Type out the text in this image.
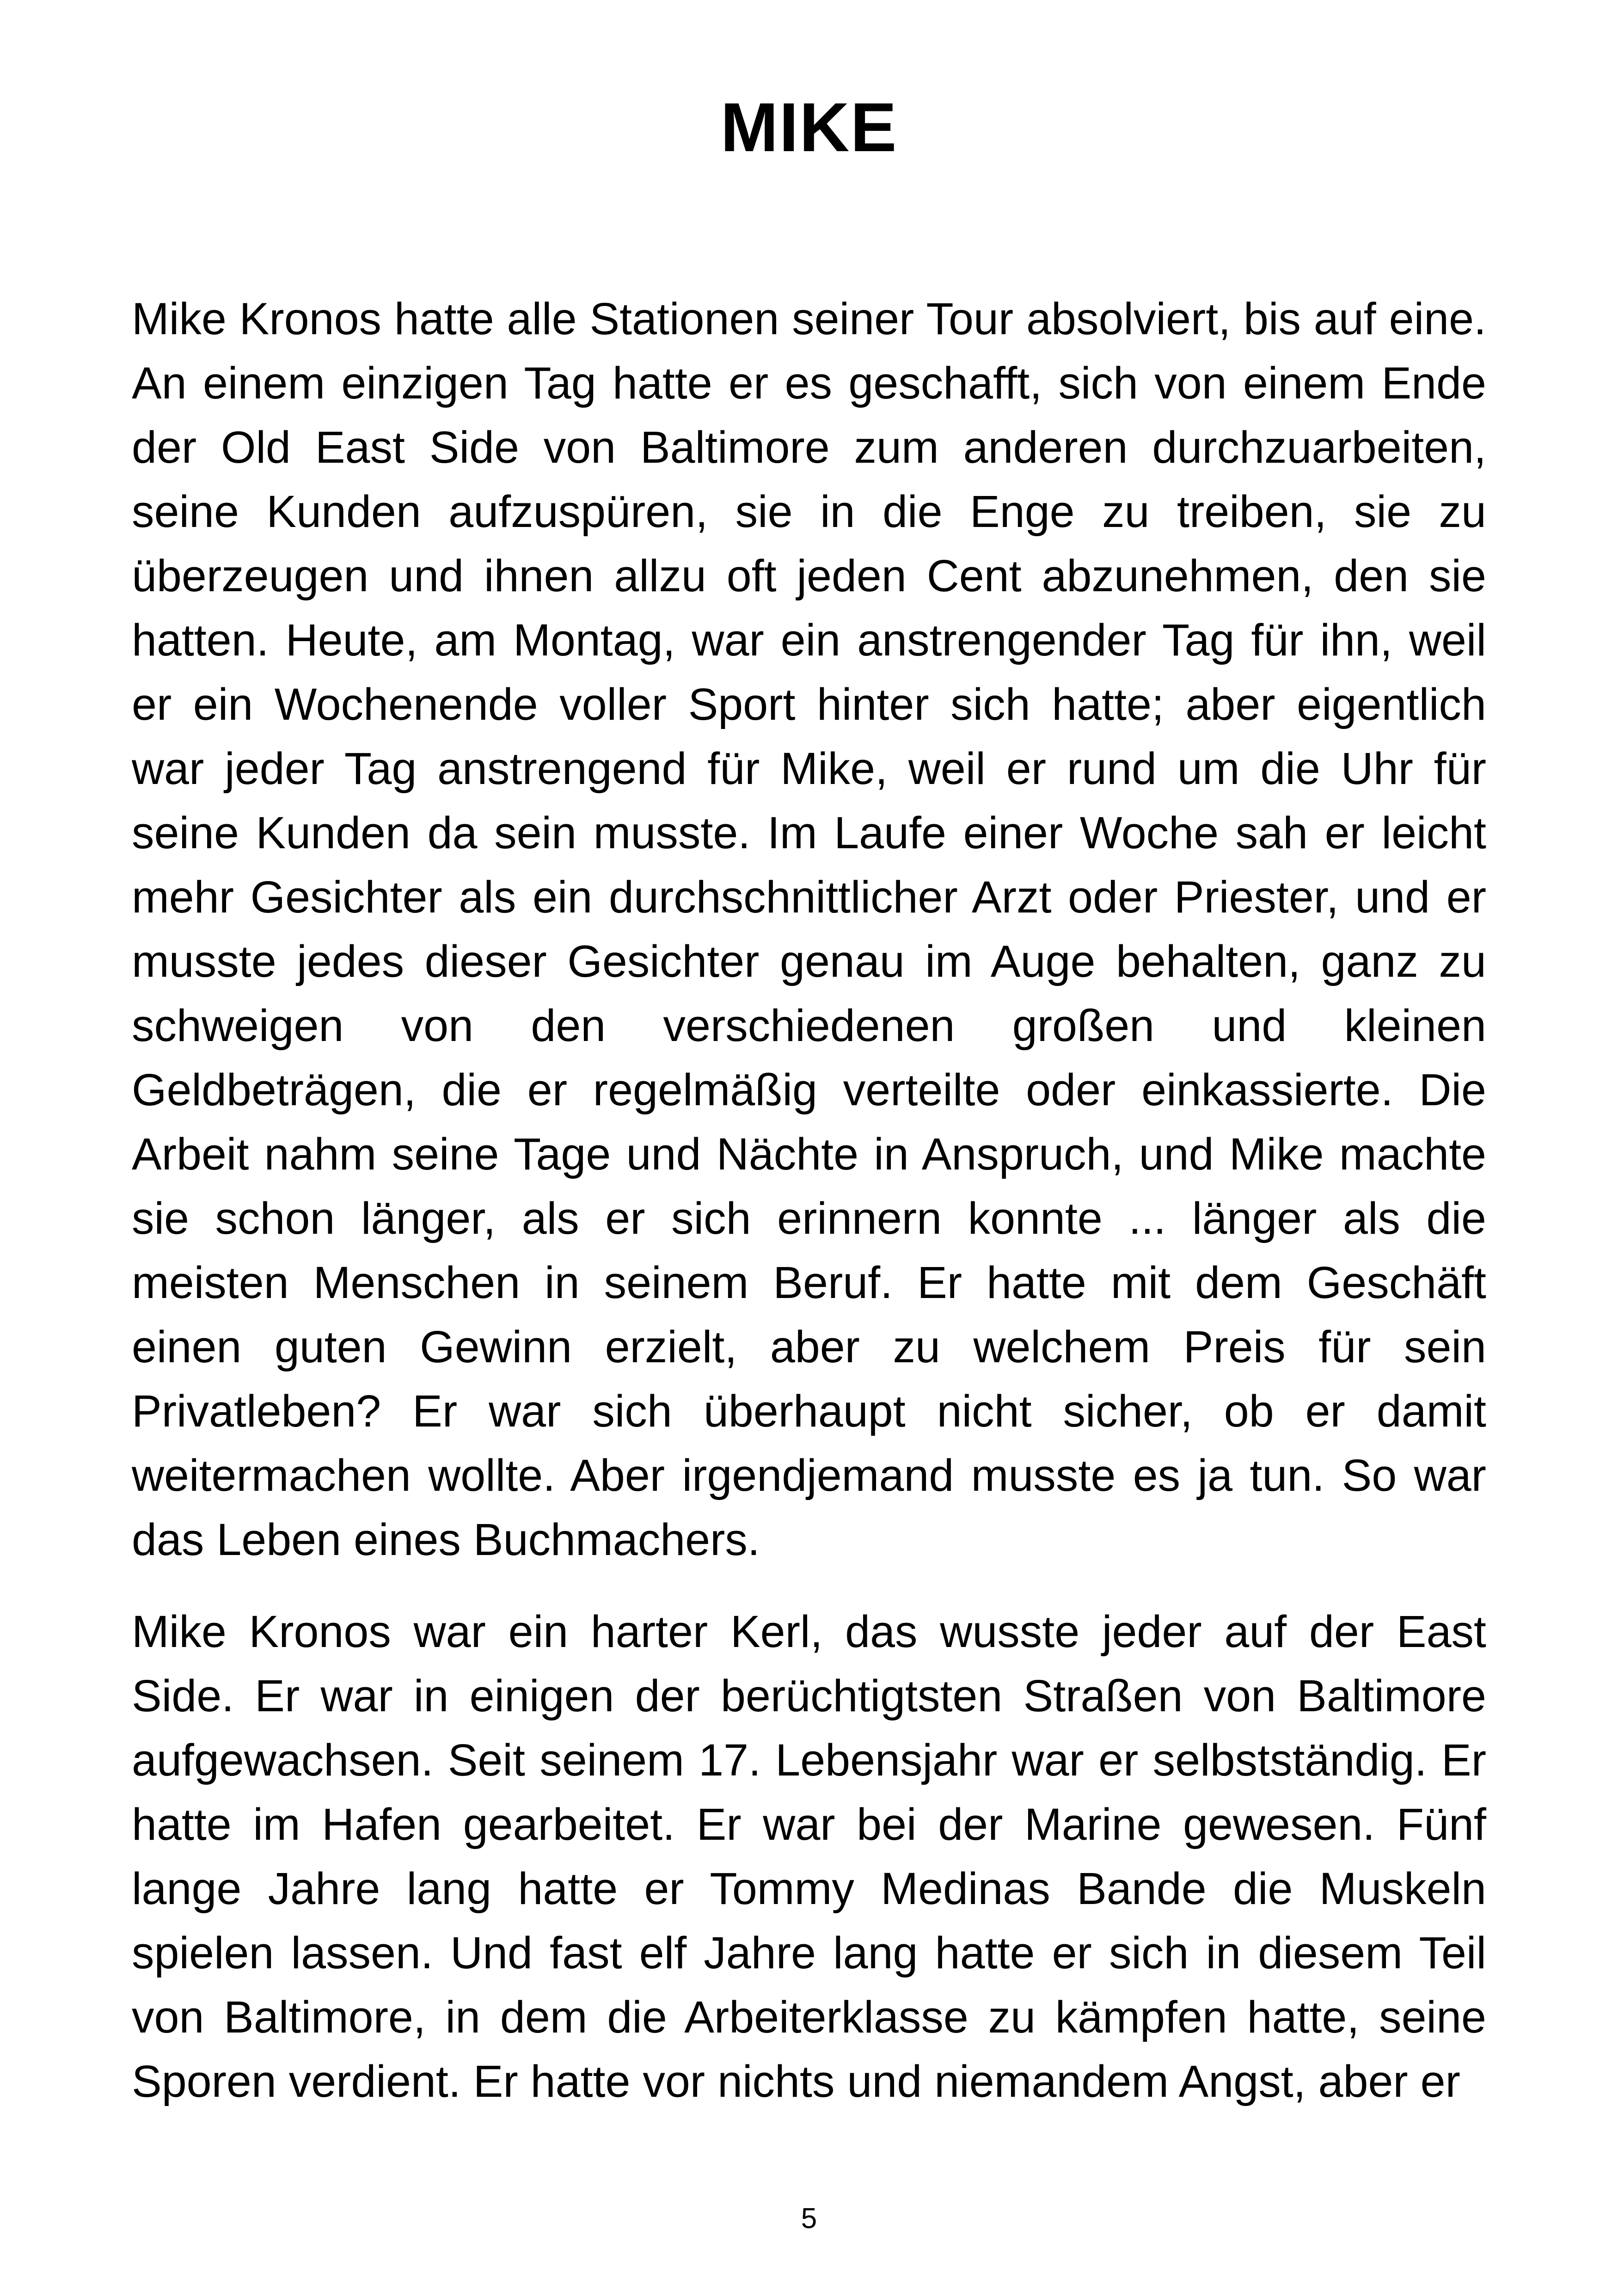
MIKE

Mike Kronos hatte alle Stationen seiner Tour absolviert, bis auf eine. An einem einzigen Tag hatte er es geschafft, sich von einem Ende der Old East Side von Baltimore zum anderen durchzuarbeiten, seine Kunden aufzuspüren, sie in die Enge zu treiben, sie zu überzeugen und ihnen allzu oft jeden Cent abzunehmen, den sie hatten. Heute, am Montag, war ein anstrengender Tag für ihn, weil er ein Wochenende voller Sport hinter sich hatte; aber eigentlich war jeder Tag anstrengend für Mike, weil er rund um die Uhr für seine Kunden da sein musste. Im Laufe einer Woche sah er leicht mehr Gesichter als ein durchschnittlicher Arzt oder Priester, und er musste jedes dieser Gesichter genau im Auge behalten, ganz zu schweigen von den verschiedenen großen und kleinen Geldbeträgen, die er regelmäßig verteilte oder einkassierte. Die Arbeit nahm seine Tage und Nächte in Anspruch, und Mike machte sie schon länger, als er sich erinnern konnte ... länger als die meisten Menschen in seinem Beruf. Er hatte mit dem Geschäft einen guten Gewinn erzielt, aber zu welchem Preis für sein Privatleben? Er war sich überhaupt nicht sicher, ob er damit weitermachen wollte. Aber irgendjemand musste es ja tun. So war das Leben eines Buchmachers.

Mike Kronos war ein harter Kerl, das wusste jeder auf der East Side. Er war in einigen der berüchtigtsten Straßen von Baltimore aufgewachsen. Seit seinem 17. Lebensjahr war er selbstständig. Er hatte im Hafen gearbeitet. Er war bei der Marine gewesen. Fünf lange Jahre lang hatte er Tommy Medinas Bande die Muskeln spielen lassen. Und fast elf Jahre lang hatte er sich in diesem Teil von Baltimore, in dem die Arbeiterklasse zu kämpfen hatte, seine Sporen verdient. Er hatte vor nichts und niemandem Angst, aber er

5
